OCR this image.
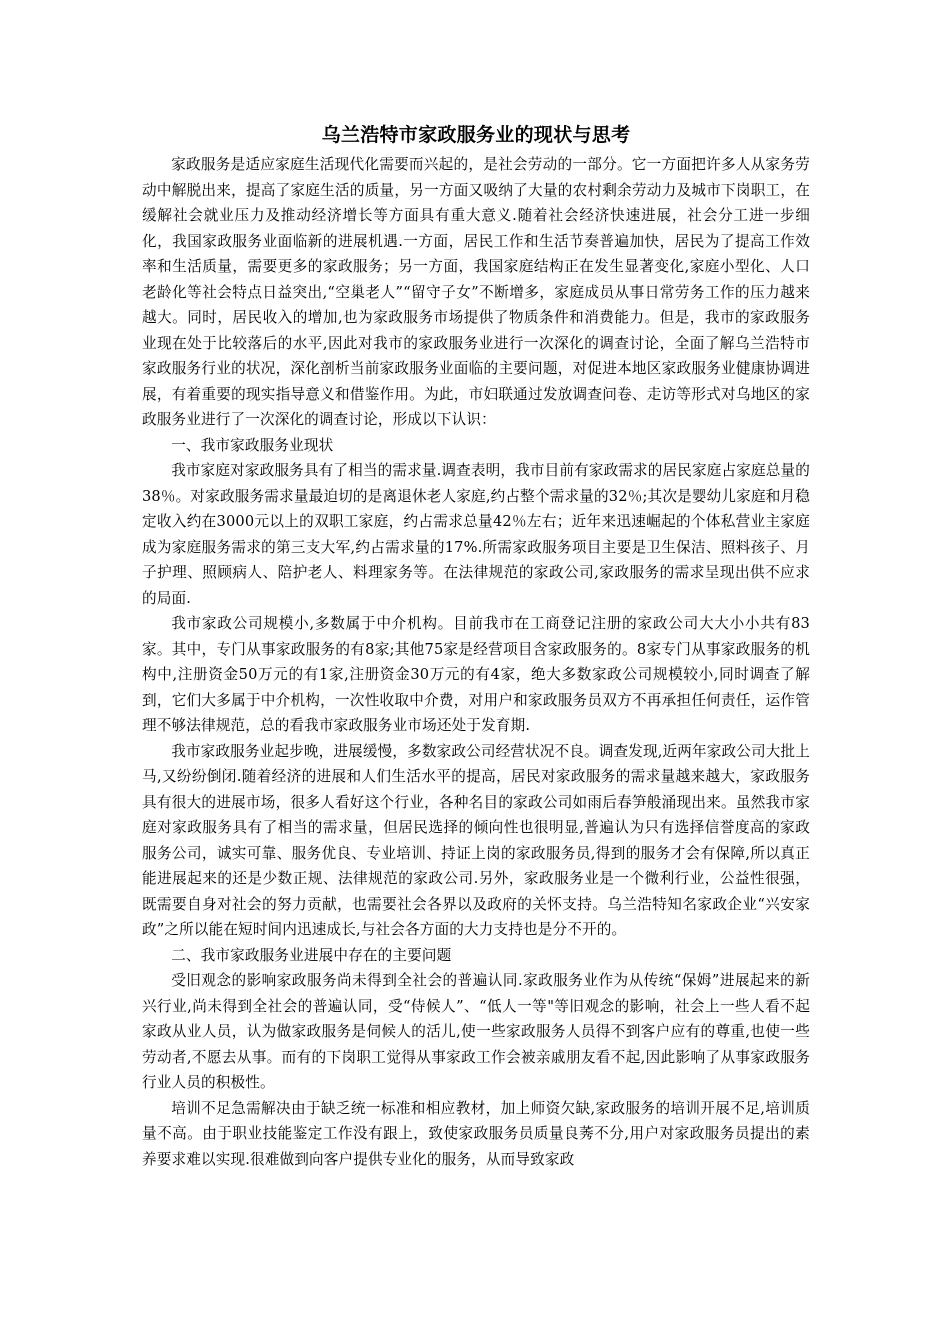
乌兰浩特市家政服务业的现状与思考

家政服务是适应家庭生活现代化需要而兴起的，是社会劳动的一部分。它一方面把许多人从家务劳动中解脱出来，提高了家庭生活的质量，另一方面又吸纳了大量的农村剩余劳动力及城市下岗职工，在缓解社会就业压力及推动经济增长等方面具有重大意义.随着社会经济快速进展，社会分工进一步细化，我国家政服务业面临新的进展机遇.一方面，居民工作和生活节奏普遍加快，居民为了提高工作效率和生活质量，需要更多的家政服务；另一方面，我国家庭结构正在发生显著变化,家庭小型化、人口老龄化等社会特点日益突出,“空巢老人”“留守子女”不断增多，家庭成员从事日常劳务工作的压力越来越大。同时，居民收入的增加,也为家政服务市场提供了物质条件和消费能力。但是，我市的家政服务业现在处于比较落后的水平,因此对我市的家政服务业进行一次深化的调查讨论，全面了解乌兰浩特市家政服务行业的状况，深化剖析当前家政服务业面临的主要问题，对促进本地区家政服务业健康协调进展，有着重要的现实指导意义和借鉴作用。为此，市妇联通过发放调查问卷、走访等形式对乌地区的家政服务业进行了一次深化的调查讨论，形成以下认识：

一、我市家政服务业现状

我市家庭对家政服务具有了相当的需求量.调查表明，我市目前有家政需求的居民家庭占家庭总量的38％。对家政服务需求量最迫切的是离退休老人家庭,约占整个需求量的32％;其次是婴幼儿家庭和月稳定收入约在3000元以上的双职工家庭，约占需求总量42％左右；近年来迅速崛起的个体私营业主家庭成为家庭服务需求的第三支大军,约占需求量的17%.所需家政服务项目主要是卫生保洁、照料孩子、月子护理、照顾病人、陪护老人、料理家务等。在法律规范的家政公司,家政服务的需求呈现出供不应求的局面.

我市家政公司规模小,多数属于中介机构。目前我市在工商登记注册的家政公司大大小小共有83家。其中，专门从事家政服务的有8家;其他75家是经营项目含家政服务的。8家专门从事家政服务的机构中,注册资金50万元的有1家,注册资金30万元的有4家，绝大多数家政公司规模较小,同时调查了解到，它们大多属于中介机构，一次性收取中介费，对用户和家政服务员双方不再承担任何责任，运作管理不够法律规范，总的看我市家政服务业市场还处于发育期.

我市家政服务业起步晚，进展缓慢，多数家政公司经营状况不良。调查发现,近两年家政公司大批上马,又纷纷倒闭.随着经济的进展和人们生活水平的提高，居民对家政服务的需求量越来越大，家政服务具有很大的进展市场，很多人看好这个行业，各种名目的家政公司如雨后春笋般涌现出来。虽然我市家庭对家政服务具有了相当的需求量，但居民选择的倾向性也很明显,普遍认为只有选择信誉度高的家政服务公司，诚实可靠、服务优良、专业培训、持证上岗的家政服务员,得到的服务才会有保障,所以真正能进展起来的还是少数正规、法律规范的家政公司.另外，家政服务业是一个微利行业，公益性很强，既需要自身对社会的努力贡献，也需要社会各界以及政府的关怀支持。乌兰浩特知名家政企业“兴安家政”之所以能在短时间内迅速成长,与社会各方面的大力支持也是分不开的。

二、我市家政服务业进展中存在的主要问题

受旧观念的影响家政服务尚未得到全社会的普遍认同.家政服务业作为从传统“保姆”进展起来的新兴行业,尚未得到全社会的普遍认同，受“侍候人”、“低人一等"等旧观念的影响，社会上一些人看不起家政从业人员，认为做家政服务是伺候人的活儿,使一些家政服务人员得不到客户应有的尊重,也使一些劳动者,不愿去从事。而有的下岗职工觉得从事家政工作会被亲戚朋友看不起,因此影响了从事家政服务行业人员的积极性。

培训不足急需解决由于缺乏统一标准和相应教材，加上师资欠缺,家政服务的培训开展不足,培训质量不高。由于职业技能鉴定工作没有跟上，致使家政服务员质量良莠不分,用户对家政服务员提出的素养要求难以实现.很难做到向客户提供专业化的服务，从而导致家政
